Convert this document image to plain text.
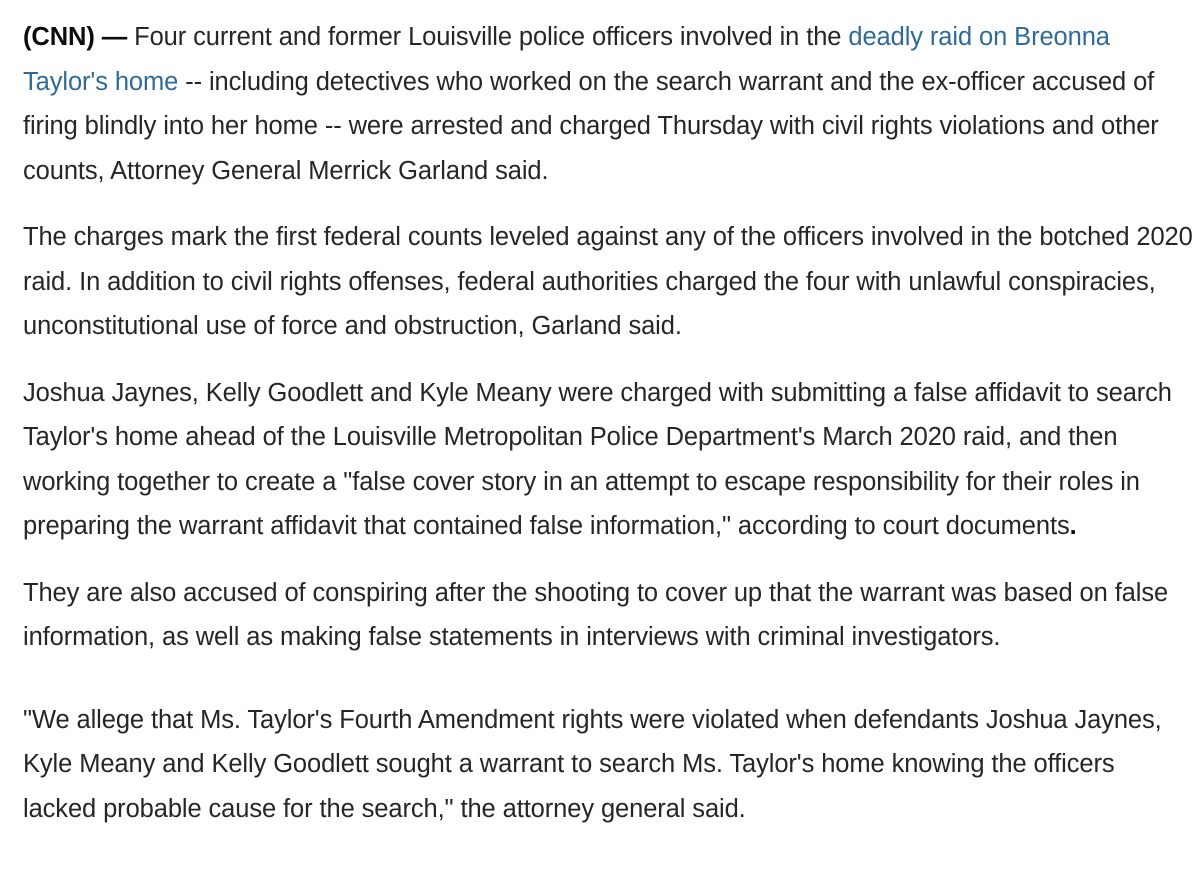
(CNN) — Four current and former Louisville police officers involved in the deadly raid on Breonna Taylor's home -- including detectives who worked on the search warrant and the ex-officer accused of firing blindly into her home -- were arrested and charged Thursday with civil rights violations and other counts, Attorney General Merrick Garland said.

The charges mark the first federal counts leveled against any of the officers involved in the botched 2020 raid. In addition to civil rights offenses, federal authorities charged the four with unlawful conspiracies, unconstitutional use of force and obstruction, Garland said.

Joshua Jaynes, Kelly Goodlett and Kyle Meany were charged with submitting a false affidavit to search Taylor's home ahead of the Louisville Metropolitan Police Department's March 2020 raid, and then working together to create a "false cover story in an attempt to escape responsibility for their roles in preparing the warrant affidavit that contained false information," according to court documents.

They are also accused of conspiring after the shooting to cover up that the warrant was based on false information, as well as making false statements in interviews with criminal investigators.

"We allege that Ms. Taylor's Fourth Amendment rights were violated when defendants Joshua Jaynes, Kyle Meany and Kelly Goodlett sought a warrant to search Ms. Taylor's home knowing the officers lacked probable cause for the search," the attorney general said.
